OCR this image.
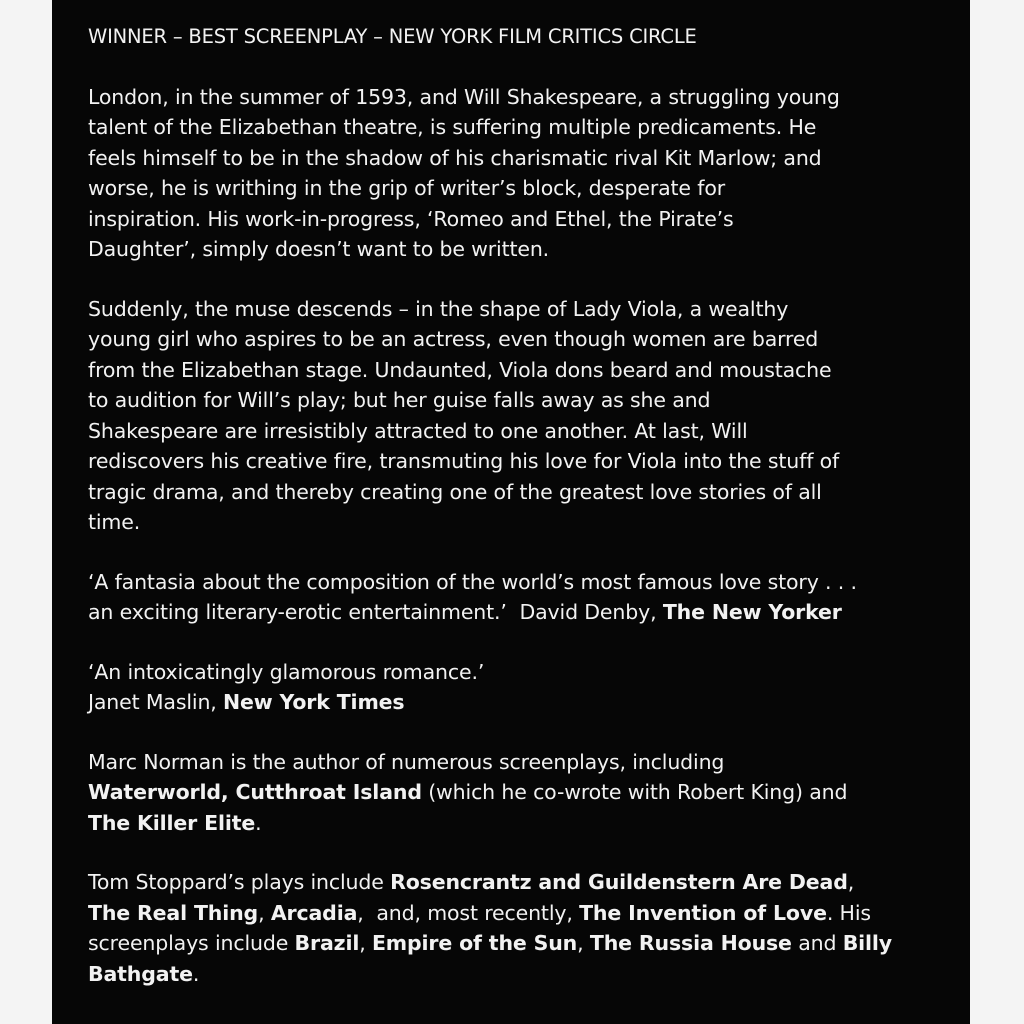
WINNER – BEST SCREENPLAY – NEW YORK FILM CRITICS CIRCLE

London, in the summer of 1593, and Will Shakespeare, a struggling young
talent of the Elizabethan theatre, is suffering multiple predicaments. He
feels himself to be in the shadow of his charismatic rival Kit Marlow; and
worse, he is writhing in the grip of writer’s block, desperate for
inspiration. His work-in-progress, ‘Romeo and Ethel, the Pirate’s
Daughter’, simply doesn’t want to be written.

Suddenly, the muse descends – in the shape of Lady Viola, a wealthy
young girl who aspires to be an actress, even though women are barred
from the Elizabethan stage. Undaunted, Viola dons beard and moustache
to audition for Will’s play; but her guise falls away as she and
Shakespeare are irresistibly attracted to one another. At last, Will
rediscovers his creative fire, transmuting his love for Viola into the stuff of
tragic drama, and thereby creating one of the greatest love stories of all
time.

‘A fantasia about the composition of the world’s most famous love story . . .
an exciting literary-erotic entertainment.’  David Denby, The New Yorker

‘An intoxicatingly glamorous romance.’
Janet Maslin, New York Times

Marc Norman is the author of numerous screenplays, including
Waterworld, Cutthroat Island (which he co-wrote with Robert King) and
The Killer Elite.

Tom Stoppard’s plays include Rosencrantz and Guildenstern Are Dead,
The Real Thing, Arcadia,  and, most recently, The Invention of Love. His
screenplays include Brazil, Empire of the Sun, The Russia House and Billy
Bathgate.
